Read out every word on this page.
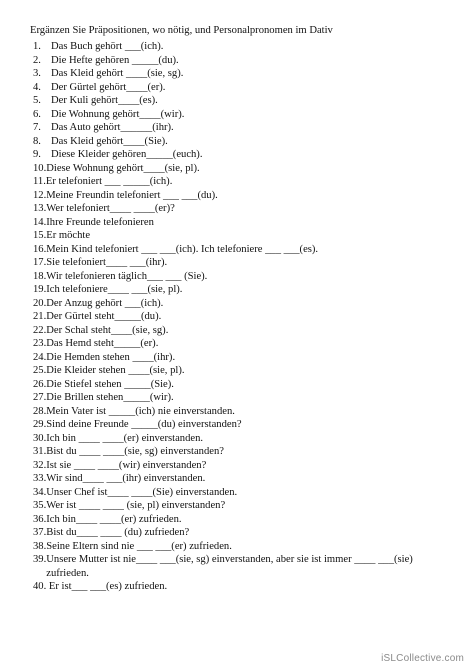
Ergänzen Sie Präpositionen, wo nötig, und Personalpronomen im Dativ
1. Das Buch gehört ___(ich).
2. Die Hefte gehören _____(du).
3. Das Kleid gehört ____(sie, sg).
4. Der Gürtel gehört____(er).
5. Der Kuli gehört____(es).
6. Die Wohnung gehört____(wir).
7. Das Auto gehört______(ihr).
8. Das Kleid gehört____(Sie).
9. Diese Kleider gehören_____(euch).
10. Diese Wohnung gehört____(sie, pl).
11. Er telefoniert ___ _____(ich).
12. Meine Freundin telefoniert ___ ___(du).
13. Wer telefoniert____ ____(er)?
14. Ihre Freunde telefonieren
15. Er möchte
16. Mein Kind telefoniert ___ ___(ich). Ich telefoniere ___ ___(es).
17. Sie telefoniert____ ___(ihr).
18. Wir telefonieren täglich___ ___ (Sie).
19. Ich telefoniere____ ___(sie, pl).
20. Der Anzug gehört ___(ich).
21. Der Gürtel steht_____(du).
22. Der Schal steht____(sie, sg).
23. Das Hemd steht_____(er).
24. Die Hemden stehen ____(ihr).
25. Die Kleider stehen ____(sie, pl).
26. Die Stiefel stehen _____(Sie).
27. Die Brillen stehen_____(wir).
28. Mein Vater ist _____(ich) nie einverstanden.
29. Sind deine Freunde _____(du) einverstanden?
30. Ich bin ____ ____(er) einverstanden.
31. Bist du ____ ____(sie, sg) einverstanden?
32. Ist sie ____ ____(wir) einverstanden?
33. Wir sind____ ___(ihr) einverstanden.
34. Unser Chef ist____ ____(Sie) einverstanden.
35. Wer ist ____ ____ (sie, pl) einverstanden?
36. Ich bin____ ____(er) zufrieden.
37. Bist du____ ____ (du) zufrieden?
38. Seine Eltern sind nie ___ ___(er) zufrieden.
39. Unsere Mutter ist nie____ ___(sie, sg) einverstanden, aber sie ist immer ____ ___(sie)
zufrieden.
40. Er ist___ ___(es) zufrieden.
iSLCollective.com
